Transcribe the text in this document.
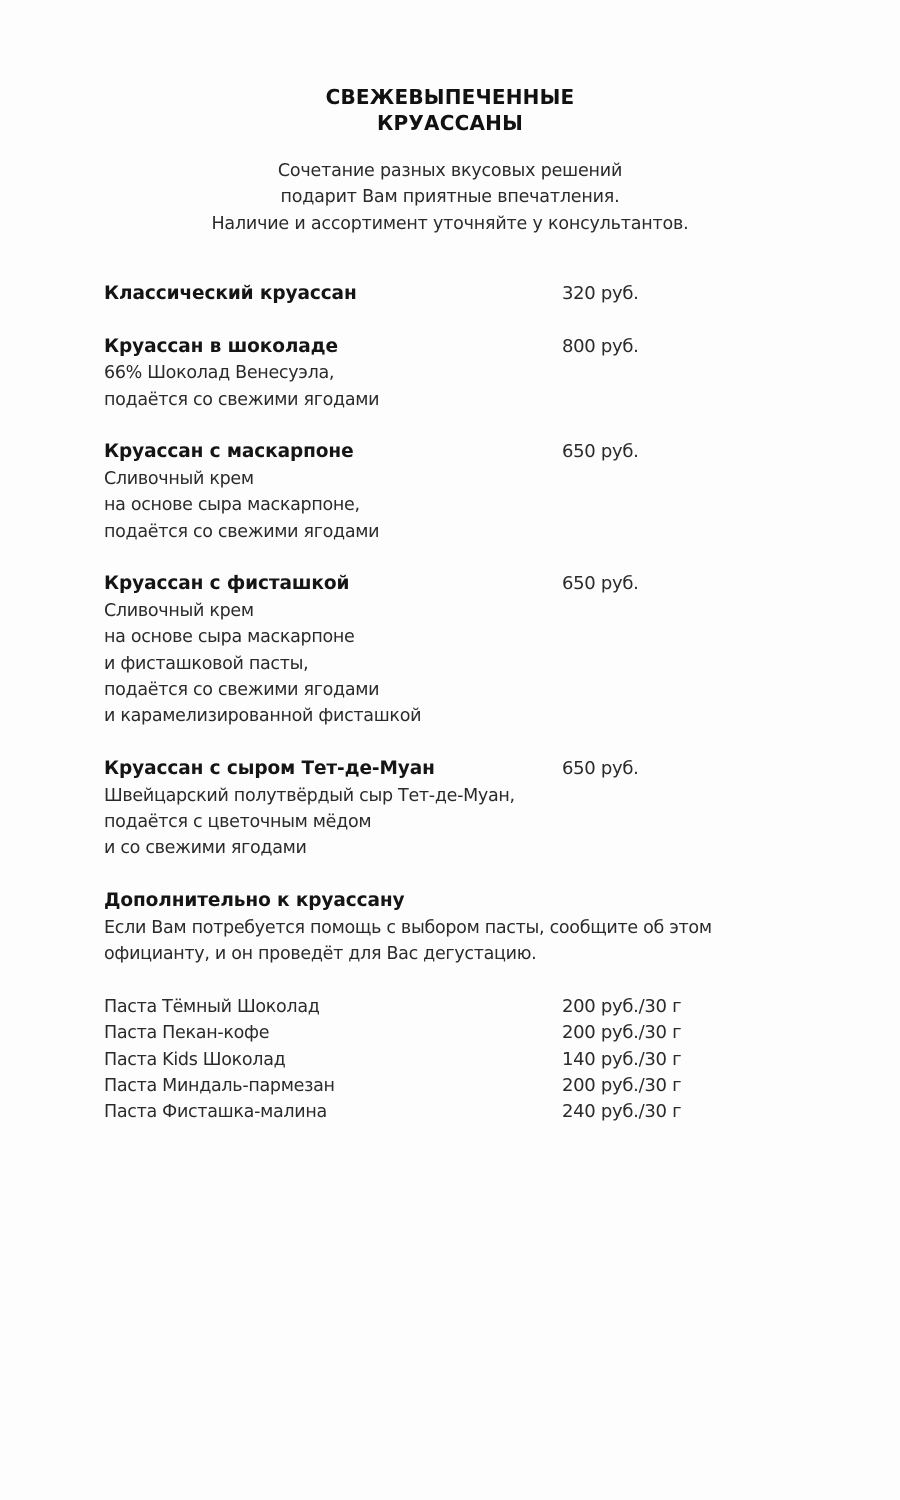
СВЕЖЕВЫПЕЧЕННЫЕ
КРУАССАНЫ
Сочетание разных вкусовых решений
подарит Вам приятные впечатления.
Наличие и ассортимент уточняйте у консультантов.
Классический круассан	320 руб.
Круассан в шоколаде	800 руб.
66% Шоколад Венесуэла,
подаётся со свежими ягодами
Круассан с маскарпоне	650 руб.
Сливочный крем
на основе сыра маскарпоне,
подаётся со свежими ягодами
Круассан с фисташкой	650 руб.
Сливочный крем
на основе сыра маскарпоне
и фисташковой пасты,
подаётся со свежими ягодами
и карамелизированной фисташкой
Круассан с сыром Тет-де-Муан	650 руб.
Швейцарский полутвёрдый сыр Тет-де-Муан,
подаётся с цветочным мёдом
и со свежими ягодами
Дополнительно к круассану
Если Вам потребуется помощь с выбором пасты, сообщите об этом
официанту, и он проведёт для Вас дегустацию.
Паста Тёмный Шоколад	200 руб./30 г
Паста Пекан-кофе	200 руб./30 г
Паста Kids Шоколад	140 руб./30 г
Паста Миндаль-пармезан	200 руб./30 г
Паста Фисташка-малина	240 руб./30 г
